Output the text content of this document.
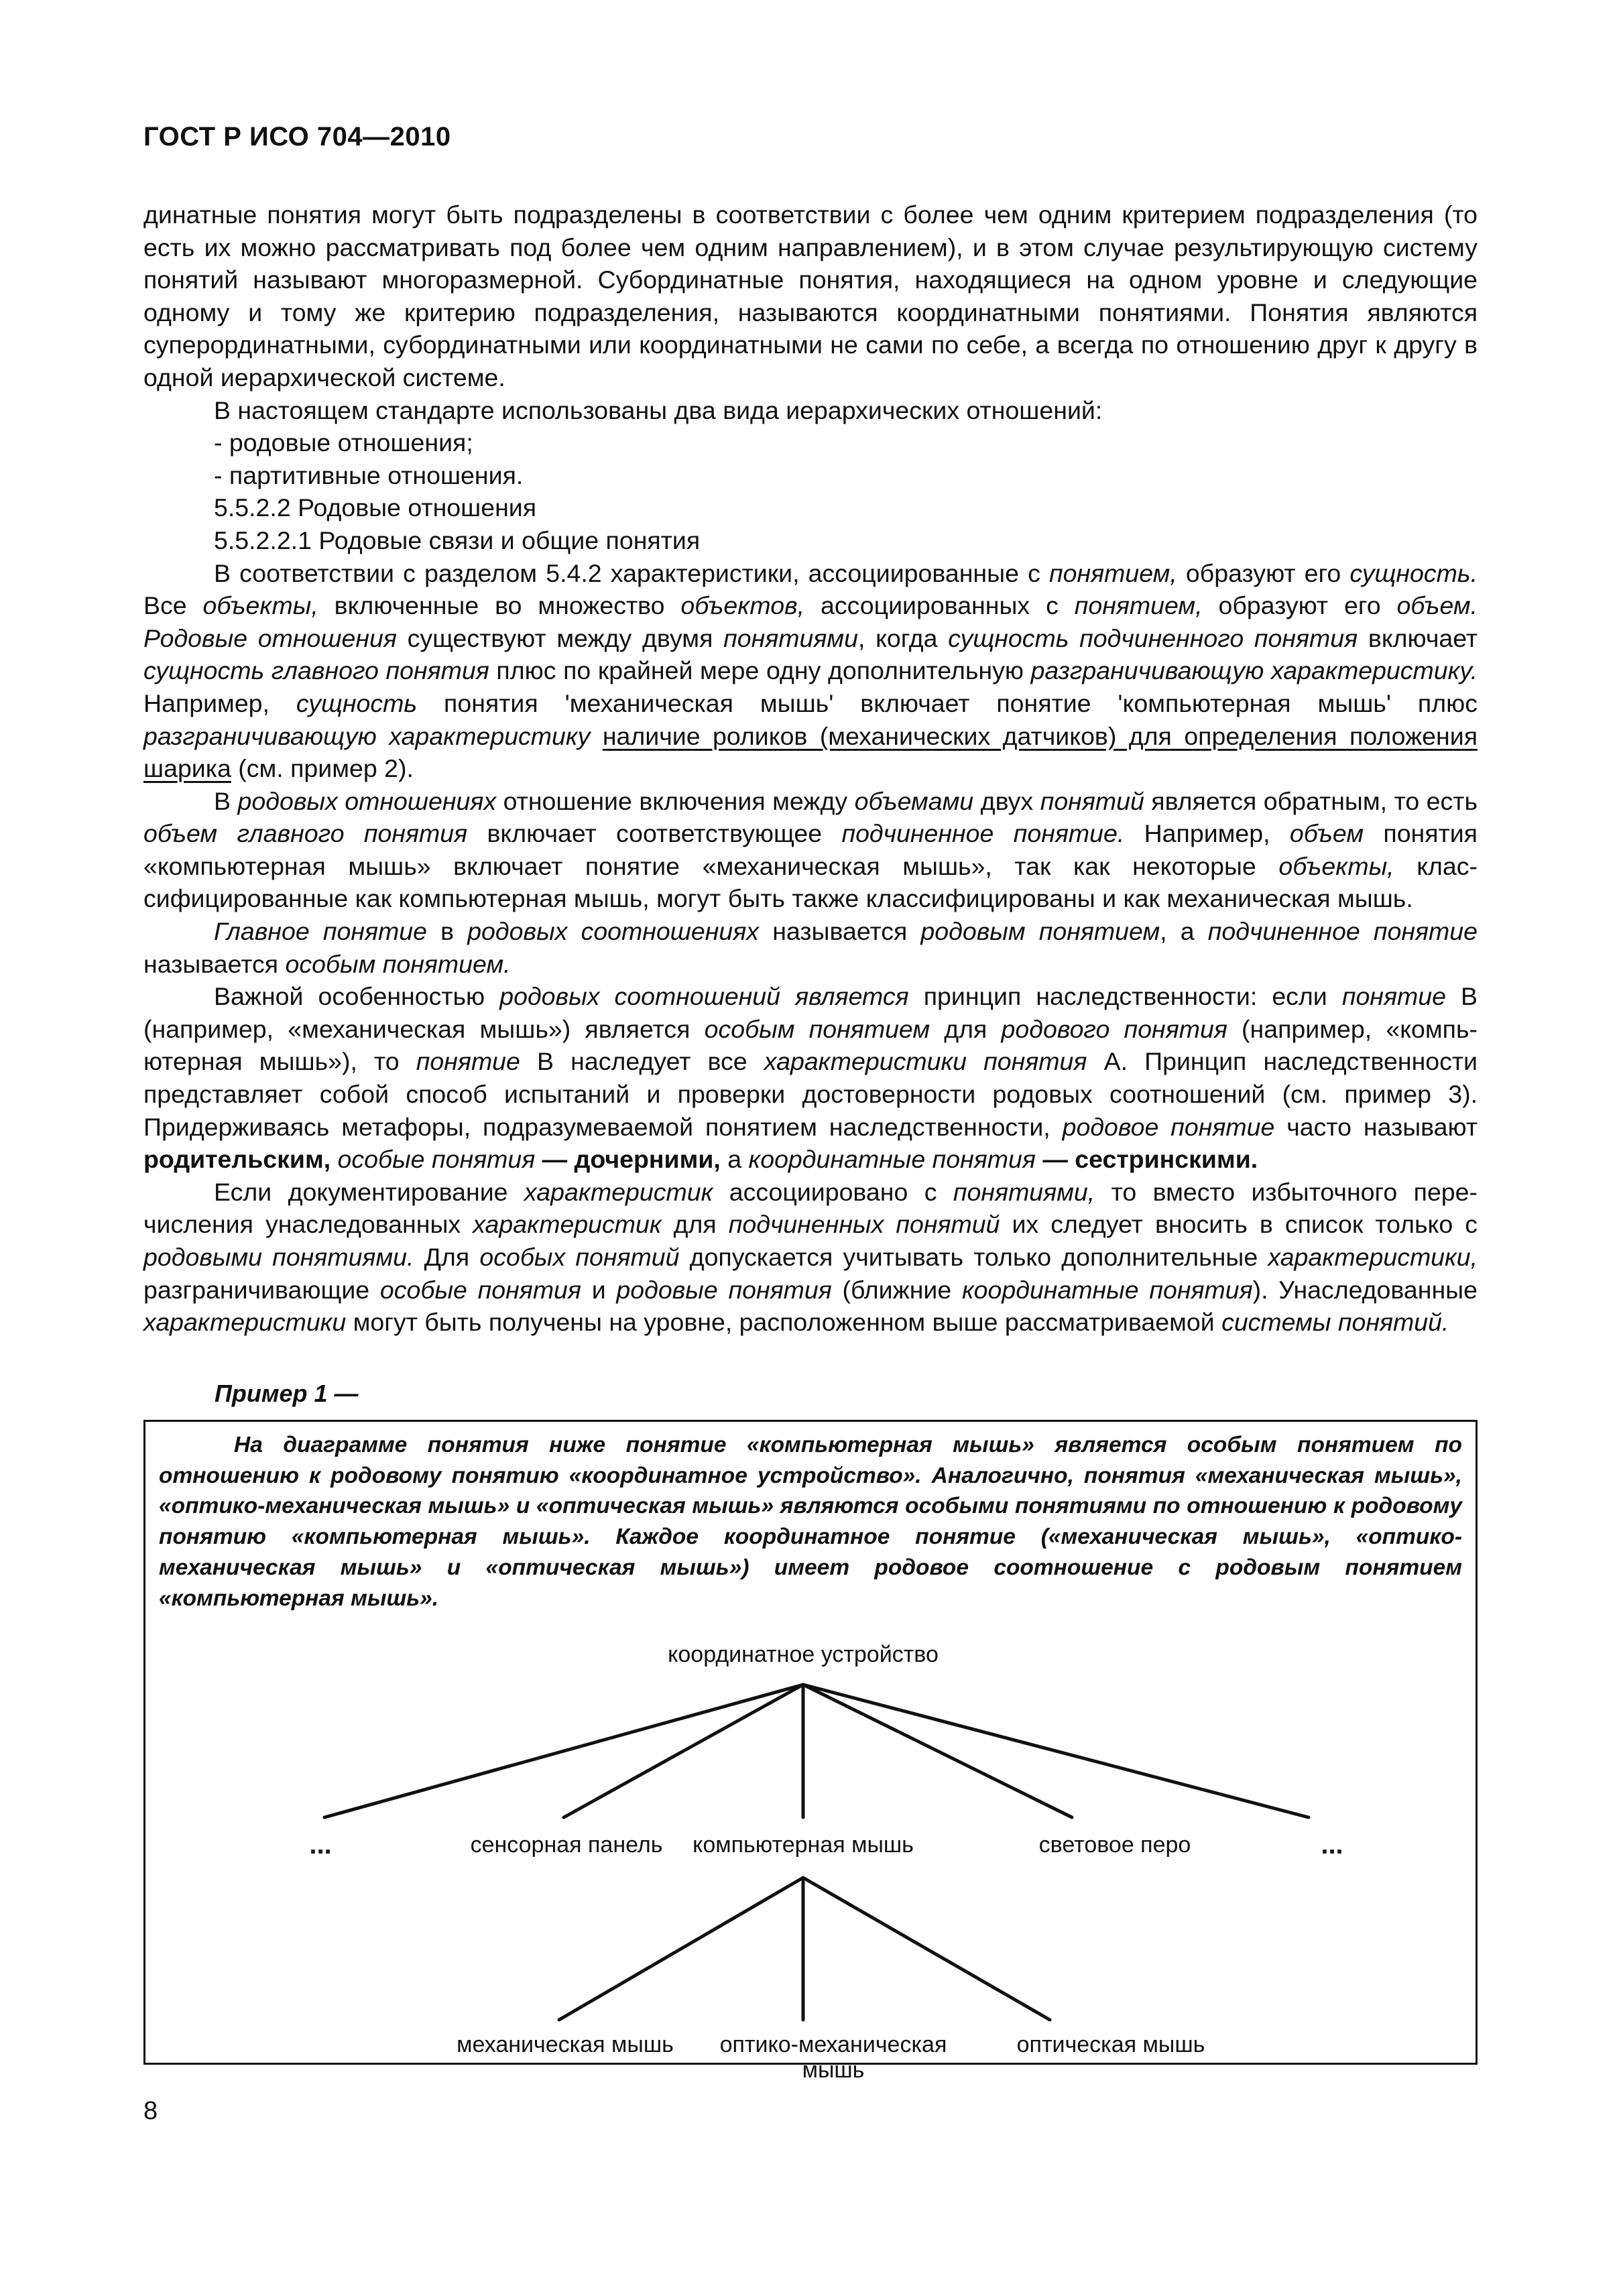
ГОСТ Р ИСО 704—2010

динатные понятия могут быть подразделены в соответствии с более чем одним критерием подразделения (то есть их можно рассматривать под более чем одним направлением), и в этом случае результирующую систему понятий называют многоразмерной. Субординатные понятия, находящиеся на одном уровне и следующие одному и тому же критерию подразделения, называются координатными понятиями. Понятия являются суперординатными, субординатными или координатными не сами по себе, а всегда по отношению друг к другу в одной иерархической системе.

В настоящем стандарте использованы два вида иерархических отношений:

- родовые отношения;

- партитивные отношения.

5.5.2.2 Родовые отношения

5.5.2.2.1 Родовые связи и общие понятия

В соответствии с разделом 5.4.2 характеристики, ассоциированные с понятием, образуют его сущность. Все объекты, включенные во множество объектов, ассоциированных с понятием, образуют его объем. Родовые отношения существуют между двумя понятиями, когда сущность подчиненного понятия включает сущность главного понятия плюс по крайней мере одну дополнительную разграничивающую характеристику. Например, сущность понятия 'механическая мышь' включает понятие 'компьютерная мышь' плюс разграничивающую характеристику наличие роликов (механических датчиков) для определения положения шарика (см. пример 2).

В родовых отношениях отношение включения между объемами двух понятий является обратным, то есть объем главного понятия включает соответствующее подчиненное понятие. Например, объем понятия «компьютерная мышь» включает понятие «механическая мышь», так как некоторые объекты, классифицированные как компьютерная мышь, могут быть также классифицированы и как механическая мышь.

Главное понятие в родовых соотношениях называется родовым понятием, а подчиненное понятие называется особым понятием.

Важной особенностью родовых соотношений является принцип наследственности: если понятие В (например, «механическая мышь») является особым понятием для родового понятия (например, «компьютерная мышь»), то понятие В наследует все характеристики понятия А. Принцип наследственности представляет собой способ испытаний и проверки достоверности родовых соотношений (см. пример 3). Придерживаясь метафоры, подразумеваемой понятием наследственности, родовое понятие часто называют родительским, особые понятия — дочерними, а координатные понятия — сестринскими.

Если документирование характеристик ассоциировано с понятиями, то вместо избыточного перечисления унаследованных характеристик для подчиненных понятий их следует вносить в список только с родовыми понятиями. Для особых понятий допускается учитывать только дополнительные характеристики, разграничивающие особые понятия и родовые понятия (ближние координатные понятия). Унаследованные характеристики могут быть получены на уровне, расположенном выше рассматриваемой системы понятий.

Пример 1 —
На диаграмме понятия ниже понятие «компьютерная мышь» является особым понятием по отношению к родовому понятию «координатное устройство». Аналогично, понятия «механическая мышь», «оптико-механическая мышь» и «оптическая мышь» являются особыми понятиями по отношению к родовому понятию «компьютерная мышь». Каждое координатное понятие («механическая мышь», «оптико-механическая мышь» и «оптическая мышь») имеет родовое соотношение с родовым понятием «компьютерная мышь».
координатное устройство
...	сенсорная панель компьютерная мышь	световое перо	...
механическая мышь оптико-механическая
мышь
оптическая мышь
8
